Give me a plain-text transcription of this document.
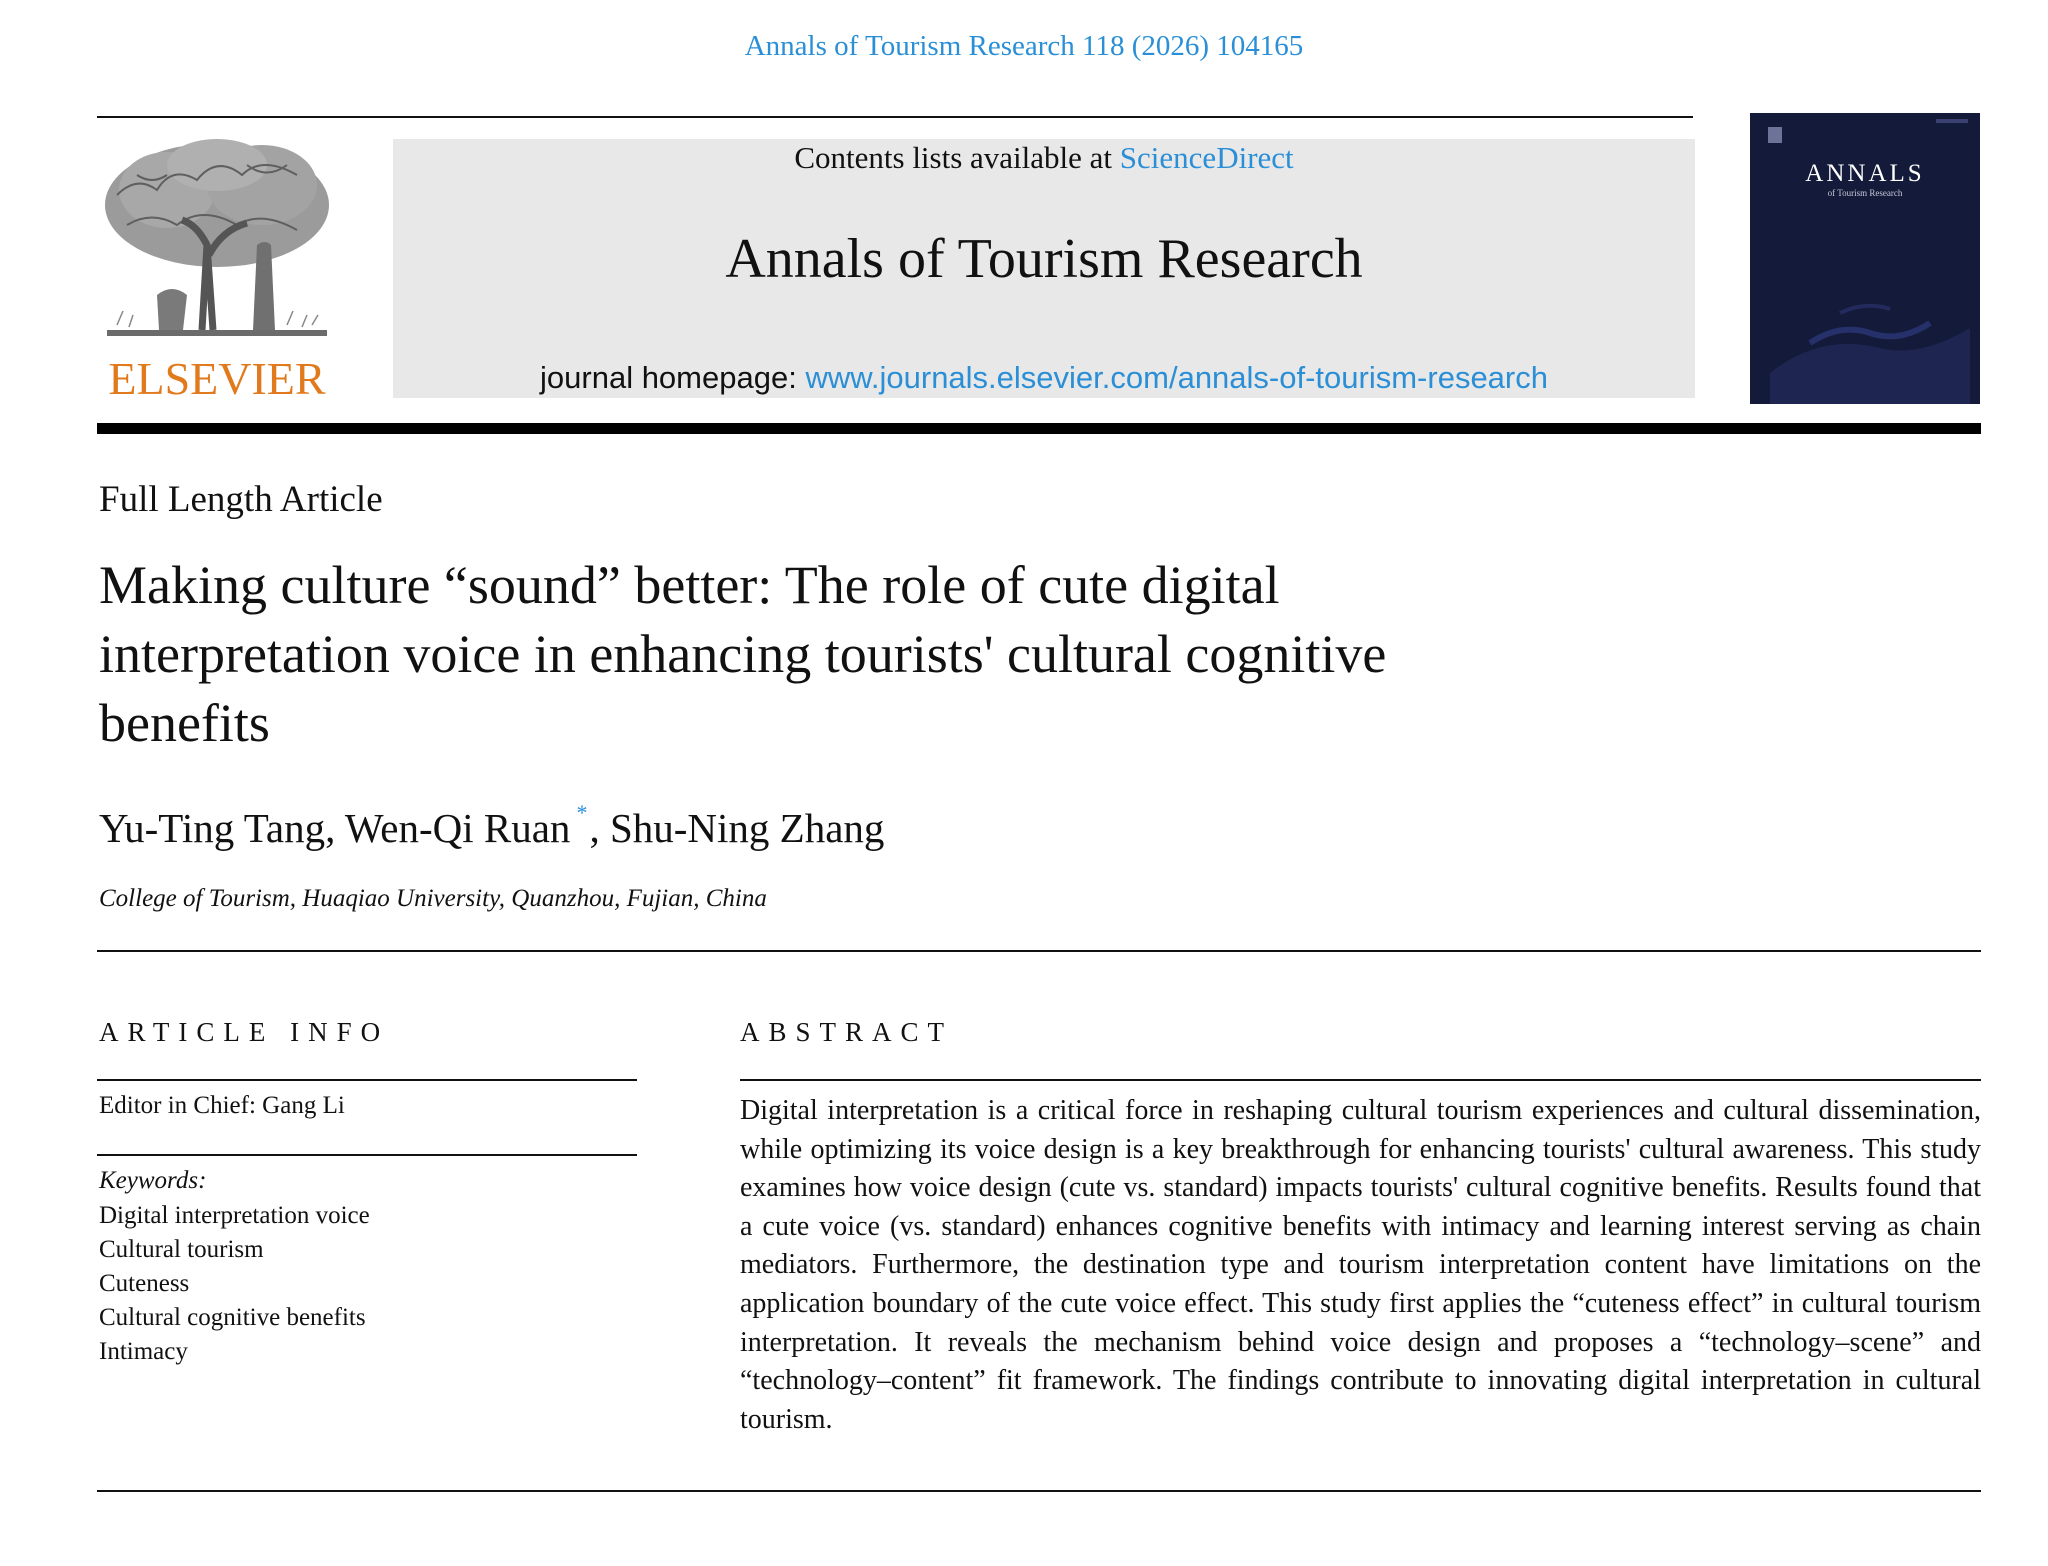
Annals of Tourism Research 118 (2026) 104165
ELSEVIER
Contents lists available at ScienceDirect
Annals of Tourism Research
journal homepage: www.journals.elsevier.com/annals-of-tourism-research
ANNALS
of Tourism Research
Full Length Article
Making culture “sound” better: The role of cute digital interpretation voice in enhancing tourists' cultural cognitive benefits
Yu-Ting Tang, Wen-Qi Ruan *, Shu-Ning Zhang
College of Tourism, Huaqiao University, Quanzhou, Fujian, China
ARTICLE INFO	ABSTRACT
Editor in Chief: Gang Li
Keywords:
Digital interpretation voice
Cultural tourism
Cuteness
Cultural cognitive benefits
Intimacy

Digital interpretation is a critical force in reshaping cultural tourism experiences and cultural dissemination, while optimizing its voice design is a key breakthrough for enhancing tourists' cultural awareness. This study examines how voice design (cute vs. standard) impacts tourists' cultural cognitive benefits. Results found that a cute voice (vs. standard) enhances cognitive benefits with intimacy and learning interest serving as chain mediators. Furthermore, the destination type and tourism interpretation content have limitations on the application boundary of the cute voice effect. This study first applies the “cuteness effect” in cultural tourism interpretation. It reveals the mechanism behind voice design and proposes a “technology–scene” and “technology–content” fit framework. The findings contribute to innovating digital interpretation in cultural tourism.
